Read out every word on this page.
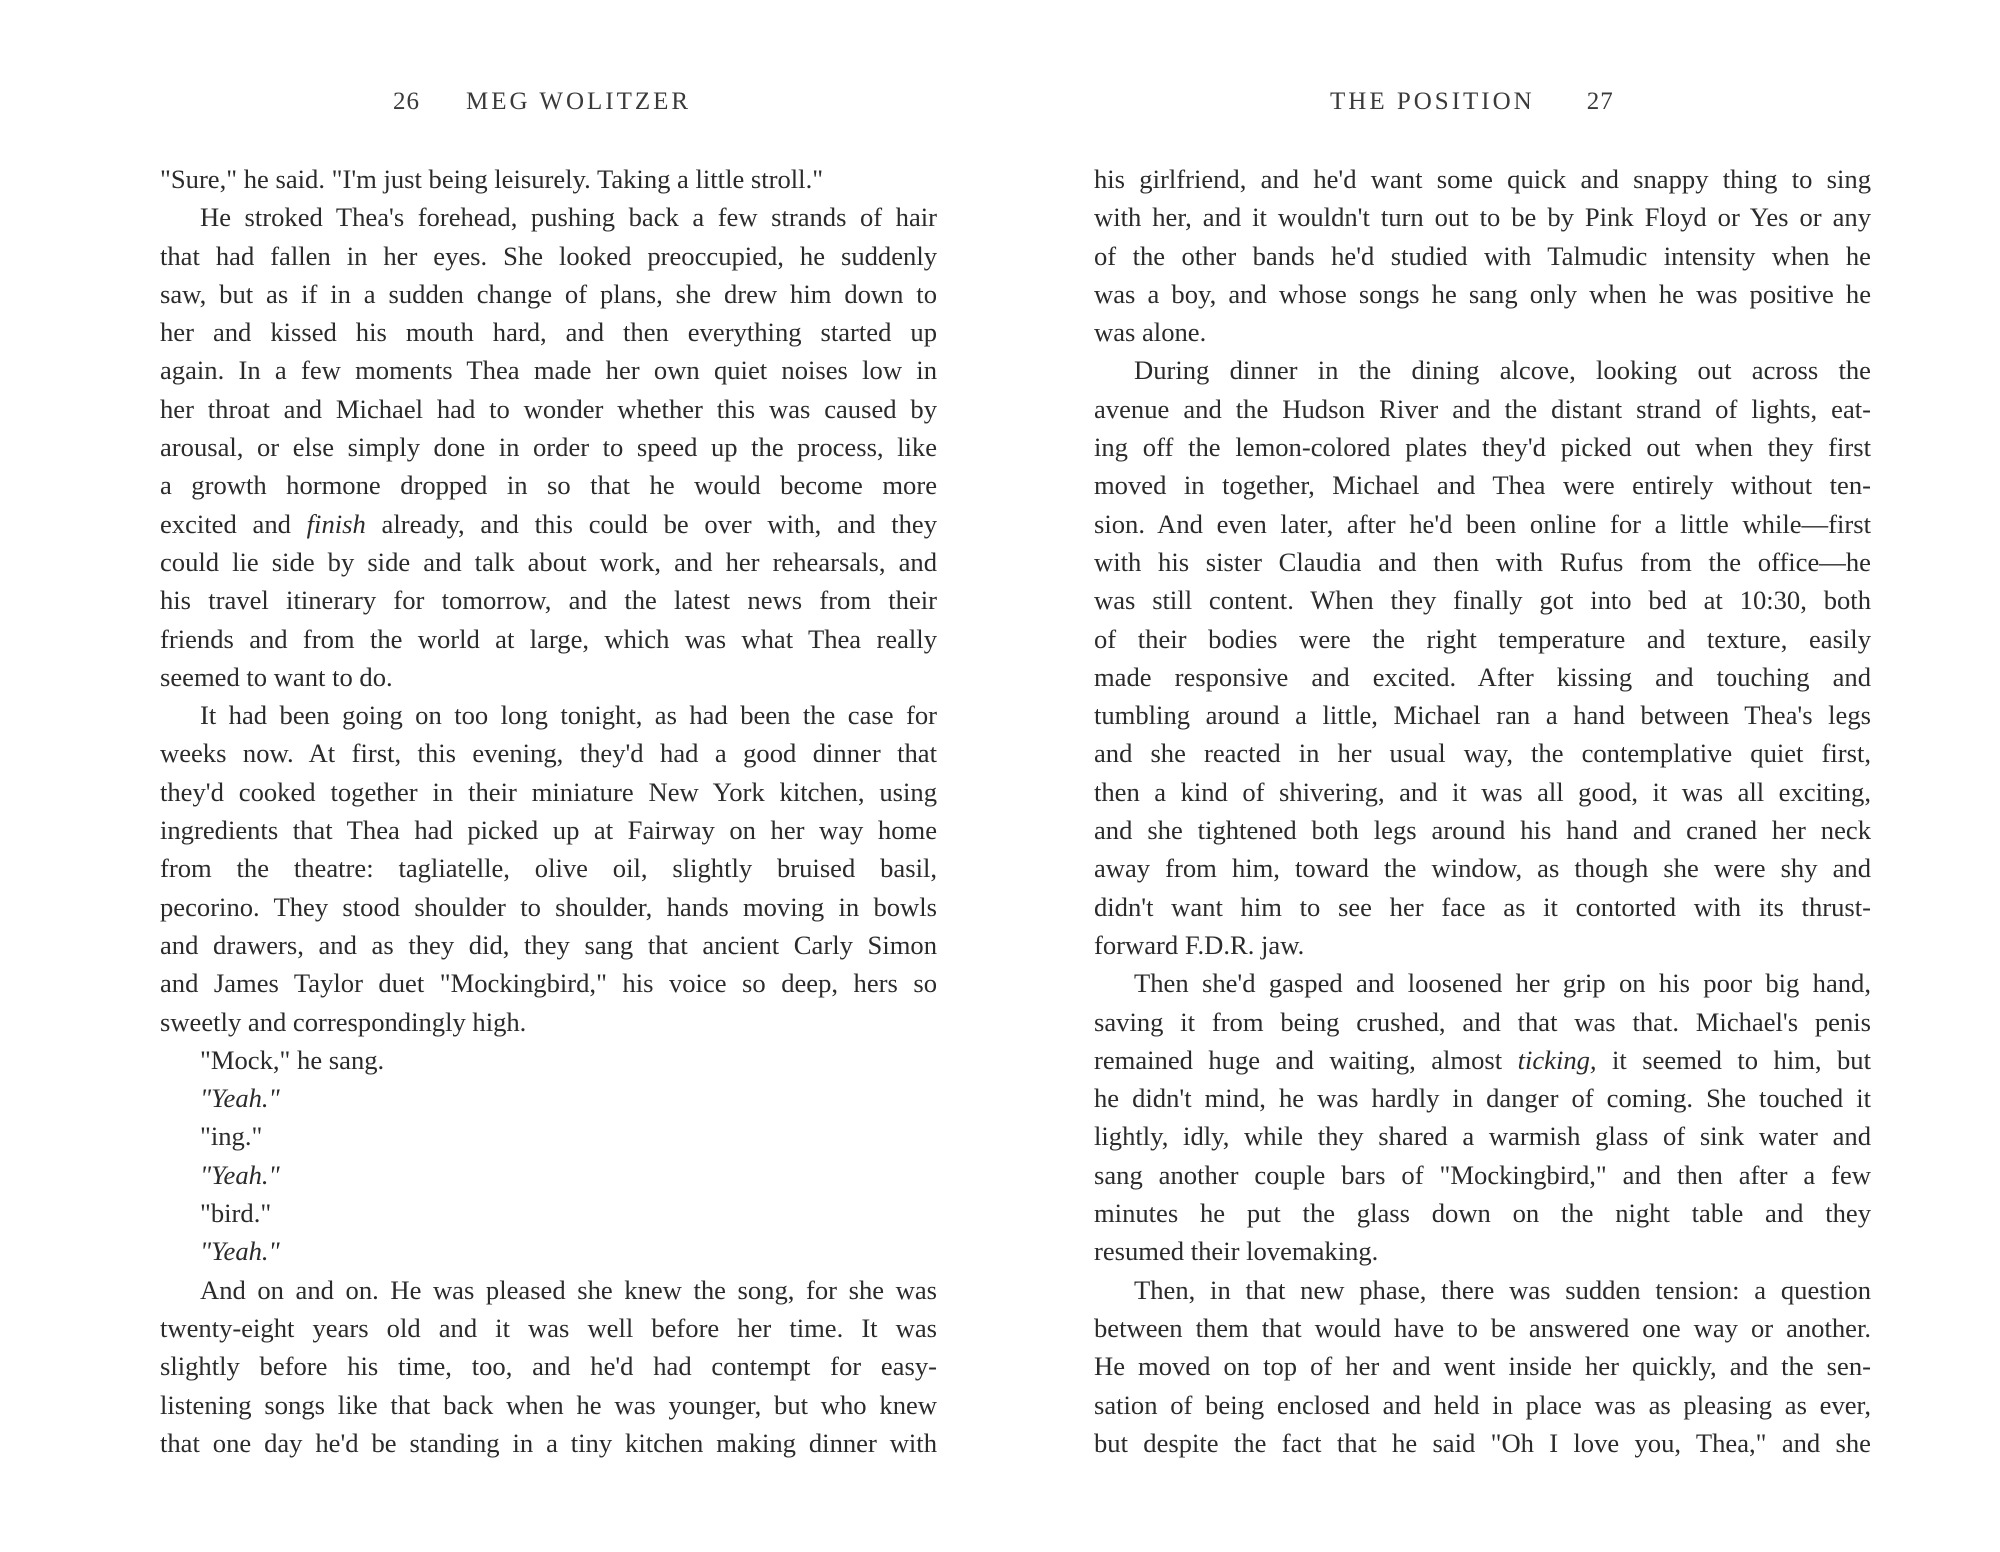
26 MEG WOLITZER
"Sure," he said. "I'm just being leisurely. Taking a little stroll."
He stroked Thea's forehead, pushing back a few strands of hair
that had fallen in her eyes. She looked preoccupied, he suddenly
saw, but as if in a sudden change of plans, she drew him down to
her and kissed his mouth hard, and then everything started up
again. In a few moments Thea made her own quiet noises low in
her throat and Michael had to wonder whether this was caused by
arousal, or else simply done in order to speed up the process, like
a growth hormone dropped in so that he would become more
excited and finish already, and this could be over with, and they
could lie side by side and talk about work, and her rehearsals, and
his travel itinerary for tomorrow, and the latest news from their
friends and from the world at large, which was what Thea really
seemed to want to do.
It had been going on too long tonight, as had been the case for
weeks now. At first, this evening, they'd had a good dinner that
they'd cooked together in their miniature New York kitchen, using
ingredients that Thea had picked up at Fairway on her way home
from the theatre: tagliatelle, olive oil, slightly bruised basil,
pecorino. They stood shoulder to shoulder, hands moving in bowls
and drawers, and as they did, they sang that ancient Carly Simon
and James Taylor duet "Mockingbird," his voice so deep, hers so
sweetly and correspondingly high.
"Mock," he sang.
"Yeah."
"ing."
"Yeah."
"bird."
"Yeah."
And on and on. He was pleased she knew the song, for she was
twenty-eight years old and it was well before her time. It was
slightly before his time, too, and he'd had contempt for easy-
listening songs like that back when he was younger, but who knew
that one day he'd be standing in a tiny kitchen making dinner with
THE POSITION 27
his girlfriend, and he'd want some quick and snappy thing to sing
with her, and it wouldn't turn out to be by Pink Floyd or Yes or any
of the other bands he'd studied with Talmudic intensity when he
was a boy, and whose songs he sang only when he was positive he
was alone.
During dinner in the dining alcove, looking out across the
avenue and the Hudson River and the distant strand of lights, eat-
ing off the lemon-colored plates they'd picked out when they first
moved in together, Michael and Thea were entirely without ten-
sion. And even later, after he'd been online for a little while—first
with his sister Claudia and then with Rufus from the office—he
was still content. When they finally got into bed at 10:30, both
of their bodies were the right temperature and texture, easily
made responsive and excited. After kissing and touching and
tumbling around a little, Michael ran a hand between Thea's legs
and she reacted in her usual way, the contemplative quiet first,
then a kind of shivering, and it was all good, it was all exciting,
and she tightened both legs around his hand and craned her neck
away from him, toward the window, as though she were shy and
didn't want him to see her face as it contorted with its thrust-
forward F.D.R. jaw.
Then she'd gasped and loosened her grip on his poor big hand,
saving it from being crushed, and that was that. Michael's penis
remained huge and waiting, almost ticking, it seemed to him, but
he didn't mind, he was hardly in danger of coming. She touched it
lightly, idly, while they shared a warmish glass of sink water and
sang another couple bars of "Mockingbird," and then after a few
minutes he put the glass down on the night table and they
resumed their lovemaking.
Then, in that new phase, there was sudden tension: a question
between them that would have to be answered one way or another.
He moved on top of her and went inside her quickly, and the sen-
sation of being enclosed and held in place was as pleasing as ever,
but despite the fact that he said "Oh I love you, Thea," and she
